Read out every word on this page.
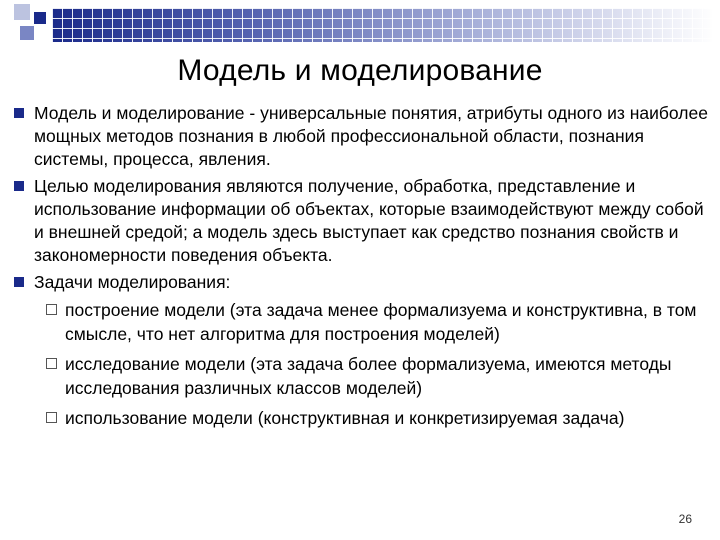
Модель и моделирование
Модель и моделирование - универсальные понятия, атрибуты одного из наиболее мощных методов познания в любой профессиональной области, познания системы, процесса, явления.
Целью моделирования являются получение, обработка, представление и использование информации об объектах, которые взаимодействуют между собой и внешней средой; а модель здесь выступает как средство познания свойств и закономерности поведения объекта.
Задачи моделирования:
построение модели (эта задача менее формализуема и конструктивна, в том смысле, что нет алгоритма для построения моделей)
исследование модели (эта задача более формализуема, имеются методы исследования различных классов моделей)
использование модели (конструктивная и конкретизируемая задача)
26
